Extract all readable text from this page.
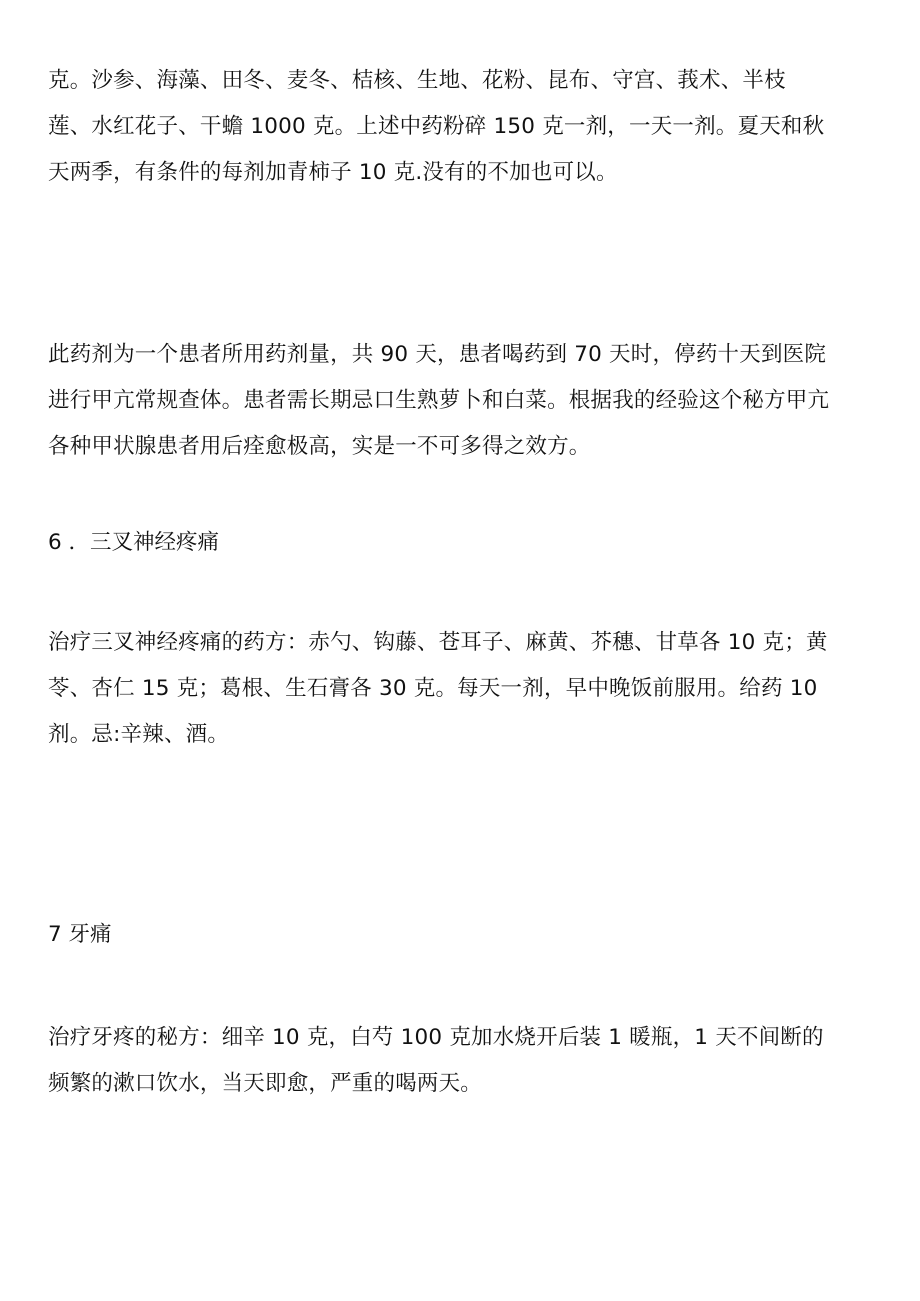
克。沙参、海藻、田冬、麦冬、桔核、生地、花粉、昆布、守宫、莪术、半枝
莲、水红花子、干蟾 1000 克。上述中药粉碎 150 克一剂，一天一剂。夏天和秋
天两季，有条件的每剂加青柿子 10 克.没有的不加也可以。

此药剂为一个患者所用药剂量，共 90 天，患者喝药到 70 天时，停药十天到医院
进行甲亢常规查体。患者需长期忌口生熟萝卜和白菜。根据我的经验这个秘方甲亢
各种甲状腺患者用后痊愈极高，实是一不可多得之效方。

6 ．三叉神经疼痛

治疗三叉神经疼痛的药方：赤勺、钩藤、苍耳子、麻黄、芥穗、甘草各 10 克；黄
苓、杏仁 15 克；葛根、生石膏各 30 克。每天一剂，早中晚饭前服用。给药 10
剂。忌:辛辣、酒。

7 牙痛

治疗牙疼的秘方：细辛 10 克，白芍 100 克加水烧开后装 1 暖瓶，1 天不间断的
频繁的漱口饮水，当天即愈，严重的喝两天。
